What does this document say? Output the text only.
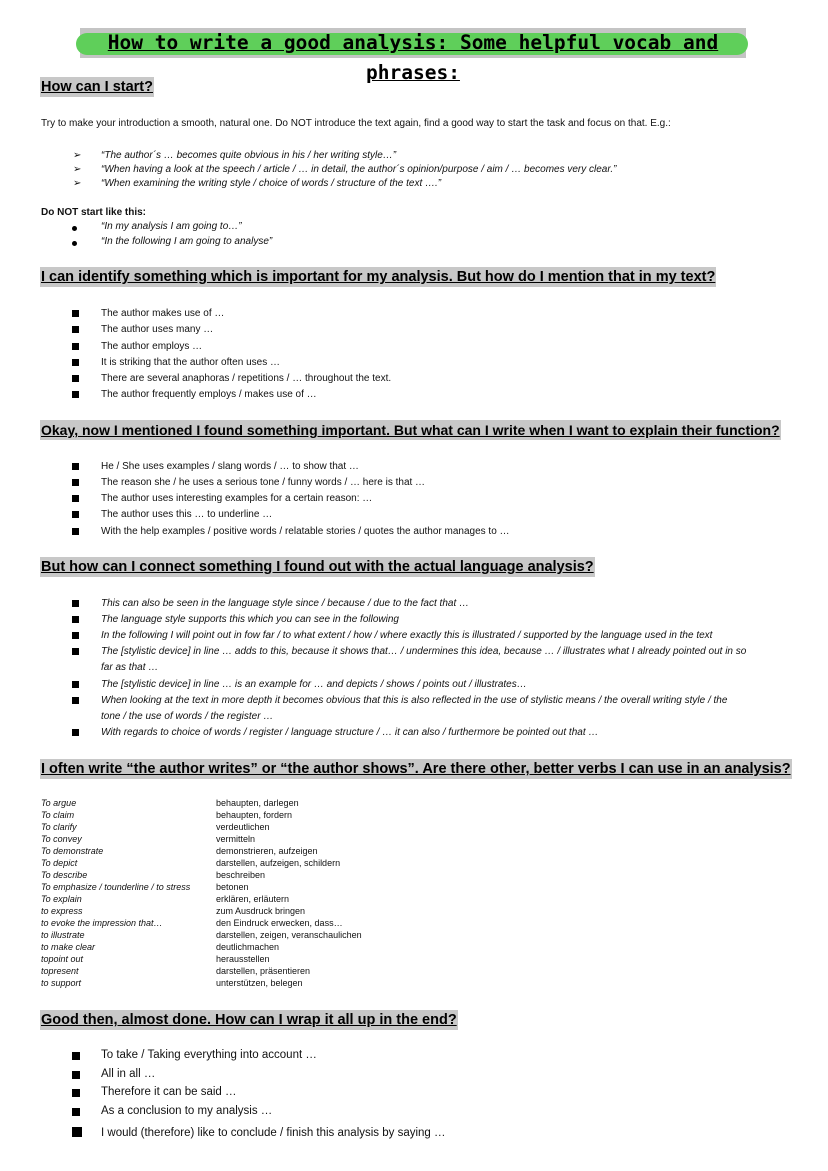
How to write a good analysis: Some helpful vocab and phrases:
How can I start?
Try to make your introduction a smooth, natural one. Do NOT introduce the text again, find a good way to start the task and focus on that. E.g.:
➢ “The author´s … becomes quite obvious in his / her writing style…”
➢ “When having a look at the speech / article / … in detail, the author´s opinion/purpose / aim / … becomes very clear.”
➢ “When examining the writing style / choice of words / structure of the text ….”
Do NOT start like this:
“In my analysis I am going to…”
“In the following I am going to analyse”
I can identify something which is important for my analysis. But how do I mention that in my text?
The author makes use of …
The author uses many …
The author employs …
It is striking that the author often uses …
There are several anaphoras / repetitions / … throughout the text.
The author frequently employs / makes use of …
Okay, now I mentioned I found something important. But what can I write when I want to explain their function?
He / She uses examples / slang words / … to show that …
The reason she / he uses a serious tone / funny words / … here is that …
The author uses interesting examples for a certain reason: …
The author uses this … to underline …
With the help examples / positive words / relatable stories / quotes the author manages to …
But how can I connect something I found out with the actual language analysis?
This can also be seen in the language style since / because / due to the fact that …
The language style supports this which you can see in the following
In the following I will point out in fow far / to what extent / how / where exactly this is illustrated / supported by the language used in the text
The [stylistic device] in line … adds to this, because it shows that… / undermines this idea, because … / illustrates what I already pointed out in so
far as that …
The [stylistic device] in line … is an example for … and depicts / shows / points out / illustrates…
When looking at the text in more depth it becomes obvious that this is also reflected in the use of stylistic means / the overall writing style / the
tone / the use of words / the register …
With regards to choice of words / register / language structure / … it can also / furthermore be pointed out that …
I often write “the author writes” or “the author shows”. Are there other, better verbs I can use in an analysis?
To argue
To claim
To clarify
To convey
To demonstrate
To depict
To describe
To emphasize / tounderline / to stress
To explain
to express
to evoke the impression that…
to illustrate
to make clear
topoint out
topresent
to support
behaupten, darlegen
behaupten, fordern
verdeutlichen
vermitteln
demonstrieren, aufzeigen
darstellen, aufzeigen, schildern
beschreiben
betonen
erklären, erläutern
zum Ausdruck bringen
den Eindruck erwecken, dass…
darstellen, zeigen, veranschaulichen
deutlichmachen
herausstellen
darstellen, präsentieren
unterstützen, belegen
Good then, almost done. How can I wrap it all up in the end?
To take / Taking everything into account …
All in all …
Therefore it can be said …
As a conclusion to my analysis …
I would (therefore) like to conclude / finish this analysis by saying …
